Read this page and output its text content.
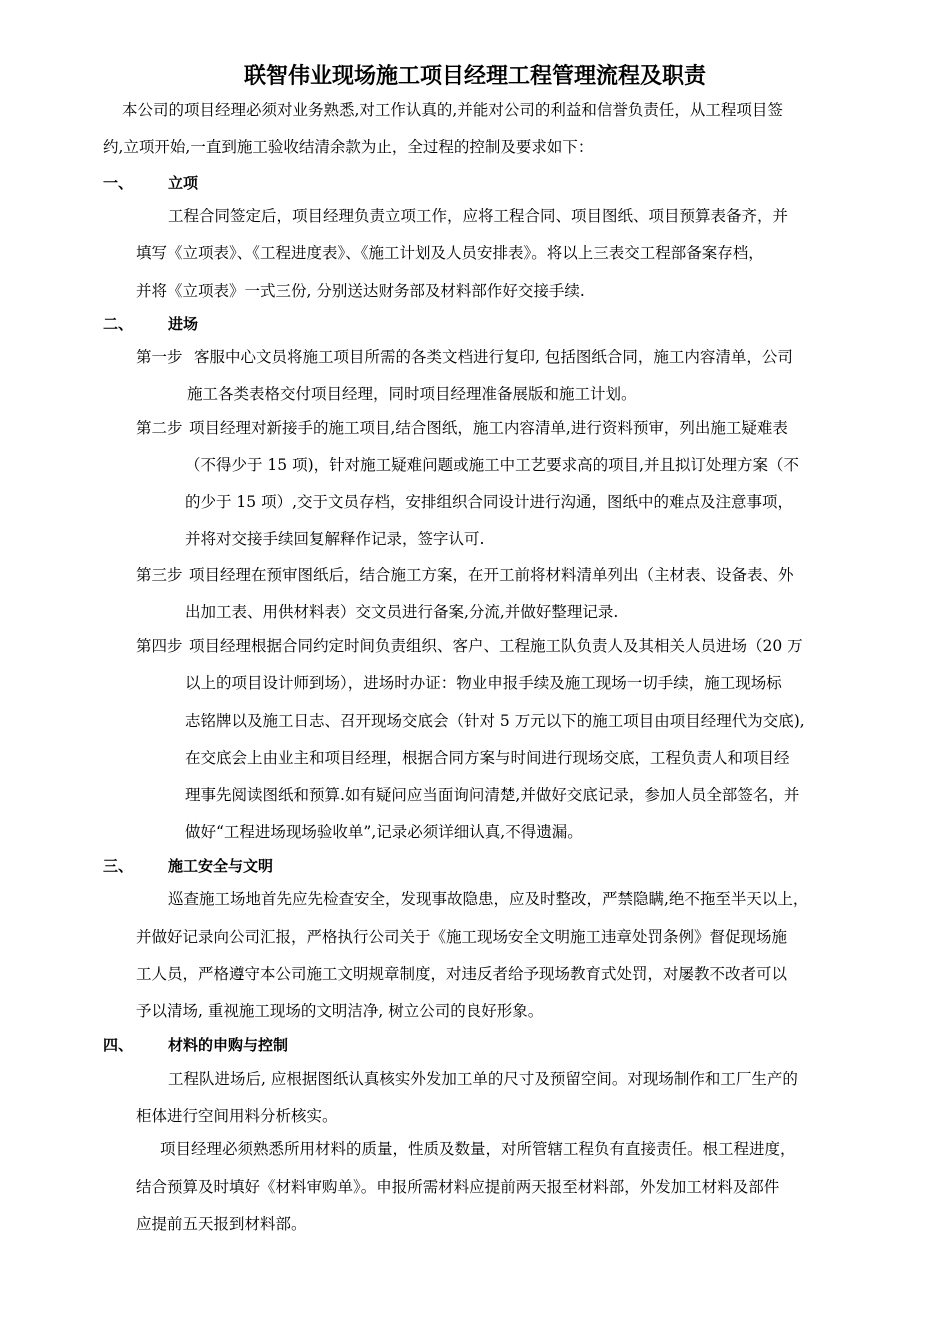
联智伟业现场施工项目经理工程管理流程及职责
本公司的项目经理必须对业务熟悉,对工作认真的,并能对公司的利益和信誉负责任，从工程项目签
约,立项开始,一直到施工验收结清余款为止，全过程的控制及要求如下：
一、 立项
工程合同签定后，项目经理负责立项工作，应将工程合同、项目图纸、项目预算表备齐，并
填写《立项表》、《工程进度表》、《施工计划及人员安排表》。将以上三表交工程部备案存档，
并将《立项表》一式三份, 分别送达财务部及材料部作好交接手续.
二、 进场
第一步 客服中心文员将施工项目所需的各类文档进行复印, 包括图纸合同，施工内容清单，公司
施工各类表格交付项目经理，同时项目经理准备展版和施工计划。
第二步 项目经理对新接手的施工项目,结合图纸，施工内容清单,进行资料预审，列出施工疑难表
（不得少于 15 项)，针对施工疑难问题或施工中工艺要求高的项目,并且拟订处理方案（不
的少于 15 项）,交于文员存档，安排组织合同设计进行沟通，图纸中的难点及注意事项，
并将对交接手续回复解释作记录，签字认可.
第三步 项目经理在预审图纸后，结合施工方案，在开工前将材料清单列出（主材表、设备表、外
出加工表、用供材料表）交文员进行备案,分流,并做好整理记录.
第四步 项目经理根据合同约定时间负责组织、客户、工程施工队负责人及其相关人员进场（20 万
以上的项目设计师到场），进场时办证：物业申报手续及施工现场一切手续，施工现场标
志铭牌以及施工日志、召开现场交底会（针对 5 万元以下的施工项目由项目经理代为交底),
在交底会上由业主和项目经理，根据合同方案与时间进行现场交底，工程负责人和项目经
理事先阅读图纸和预算.如有疑问应当面询问清楚,并做好交底记录，参加人员全部签名，并
做好“工程进场现场验收单”,记录必须详细认真,不得遗漏。
三、 施工安全与文明
巡查施工场地首先应先检查安全，发现事故隐患，应及时整改，严禁隐瞒,绝不拖至半天以上，
并做好记录向公司汇报，严格执行公司关于《施工现场安全文明施工违章处罚条例》督促现场施
工人员，严格遵守本公司施工文明规章制度，对违反者给予现场教育式处罚，对屡教不改者可以
予以清场, 重视施工现场的文明洁净, 树立公司的良好形象。
四、 材料的申购与控制
工程队进场后, 应根据图纸认真核实外发加工单的尺寸及预留空间。对现场制作和工厂生产的
柜体进行空间用料分析核实。
项目经理必须熟悉所用材料的质量，性质及数量，对所管辖工程负有直接责任。根工程进度，
结合预算及时填好《材料审购单》。申报所需材料应提前两天报至材料部，外发加工材料及部件
应提前五天报到材料部。
